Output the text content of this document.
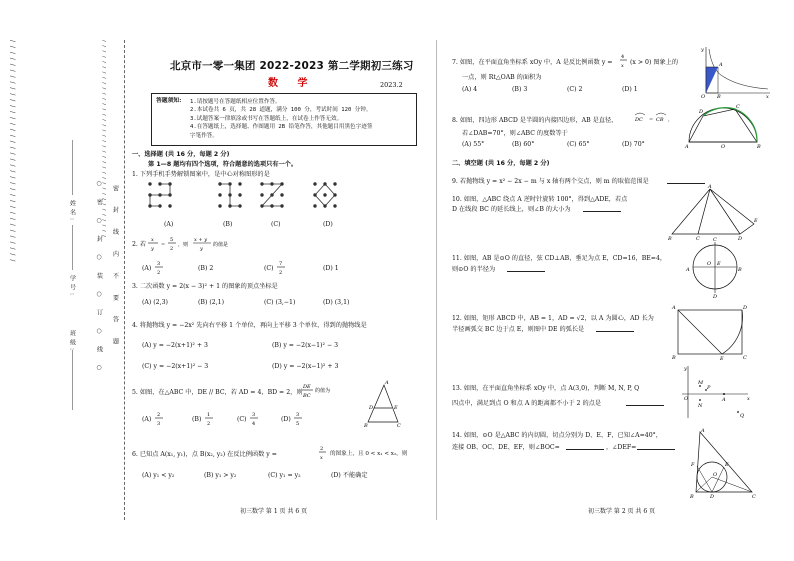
/ / / / / / / / / / / / / / / / / / / / / / / / / / / / / / / / / / / / / /
班级:
学号:
姓名:	○ 密 ○ 封 ○ 装 ○ 订 ○ 线 ○ 密 封 线 内 不 要 答 题
/ / / / / / / / / / / / / / / / / / / / / / / / / / / / / / / / / / / / / /	北京市一零一集团 2022-2023 第二学期初三练习
数 学	2023.2
答题须知: 1.请按题号在答题纸相应位置作答。
2.本试卷共 6 页，共 28 道题，满分 100 分，考试时间 120 分钟。
3.试题答案一律填涂或书写在答题纸上，在试卷上作答无效。
4.在答题纸上，选择题、作图题用 2B 铅笔作答，其他题目用黑色字迹签
字笔作答。
一、选择题 (共 16 分，每题 2 分)
第 1—8 题均有四个选项，符合题意的选项只有一个。
1. 下列手机手势解锁图案中，是中心对称图形的是
(A)	(B)	(C)	(D)
2. 若
x
y
=
5
2
，则
x + y
y
的值是
(A)
3
2
(B) 2	(C)
7
2
(D) 1
3. 二次函数 y = 2(x − 3)² + 1 的图象的顶点坐标是
(A) (2,3)	(B) (2,1)	(C) (3,−1)	(D) (3,1)
4. 将抛物线 y = −2x² 先向右平移 1 个单位，再向上平移 3 个单位，得到的抛物线是
(A) y = −2(x+1)² + 3	(B) y = −2(x−1)² − 3
(C) y = −2(x+1)² − 3	(D) y = −2(x−1)² + 3
5. 如图，在△ABC 中，DE // BC，若 AD = 4，BD = 2，则
DE
BC
的值为
(A)
2
3
(B)
1
2
(C)
3
4
(D)
3
5
A
D	E
B	C
6. 已知点 A(x₁, y₁)，点 B(x₂, y₂) 在反比例函数 y =
2
x
的图象上，且 0 < x₁ < x₂，则
(A) y₁ < y₂	(B) y₁ > y₂	(C) y₁ = y₂	(D) 不能确定
初三数学 第 1 页 共 6 页
7. 如图，在平面直角坐标系 xOy 中，A 是反比例函数 y =
4
x (x > 0) 图象上的
一点，则 Rt△OAB 的面积为
(A) 4	(B) 3	(C) 2	(D) 1
y
A
O B	x
8. 如图，四边形 ABCD 是半圆的内接四边形，AB 是直径，	DC = CB ，
若∠DAB=70°，则∠ABC 的度数等于
(A) 55°	(B) 60°	(C) 65°	(D) 70°
D
C
A	O	B
二、填空题 (共 16 分，每题 2 分)
9. 若抛物线 y = x² − 2x − m 与 x 轴有两个交点，则 m 的取值范围是
10. 如图，△ABC 绕点 A 逆时针旋转 100°，得到△ADE，若点
D 在线段 BC 的延长线上，则∠B 的大小为
A
E
B	C	D
11. 如图，AB 是⊙O 的直径，弦 CD⊥AB，垂足为点 E，CD=16，BE=4，
则⊙O 的半径为
C
A
O E
B
D
12. 如图，矩形 ABCD 中，AB = 1，AD = √2，以 A 为圆心，AD 长为
半径画弧交 BC 边于点 E，则图中 DE 的弧长是
A	D
B	E	C
13. 如图，在平面直角坐标系 xOy 中，点 A(3,0)，判断 M, N, P, Q
四点中，满足到点 O 和点 A 的距离都不小于 2 的点是
y
M
P
O	A	x
N
Q
14. 如图，⊙O 是△ABC 的内切圆，切点分别为 D、E、F，已知∠A=40°，
连接 OB、OC、DE、EF，则∠BOC=	，∠DEF=
A
F	E
O
B	D	C
初三数学 第 2 页 共 6 页
